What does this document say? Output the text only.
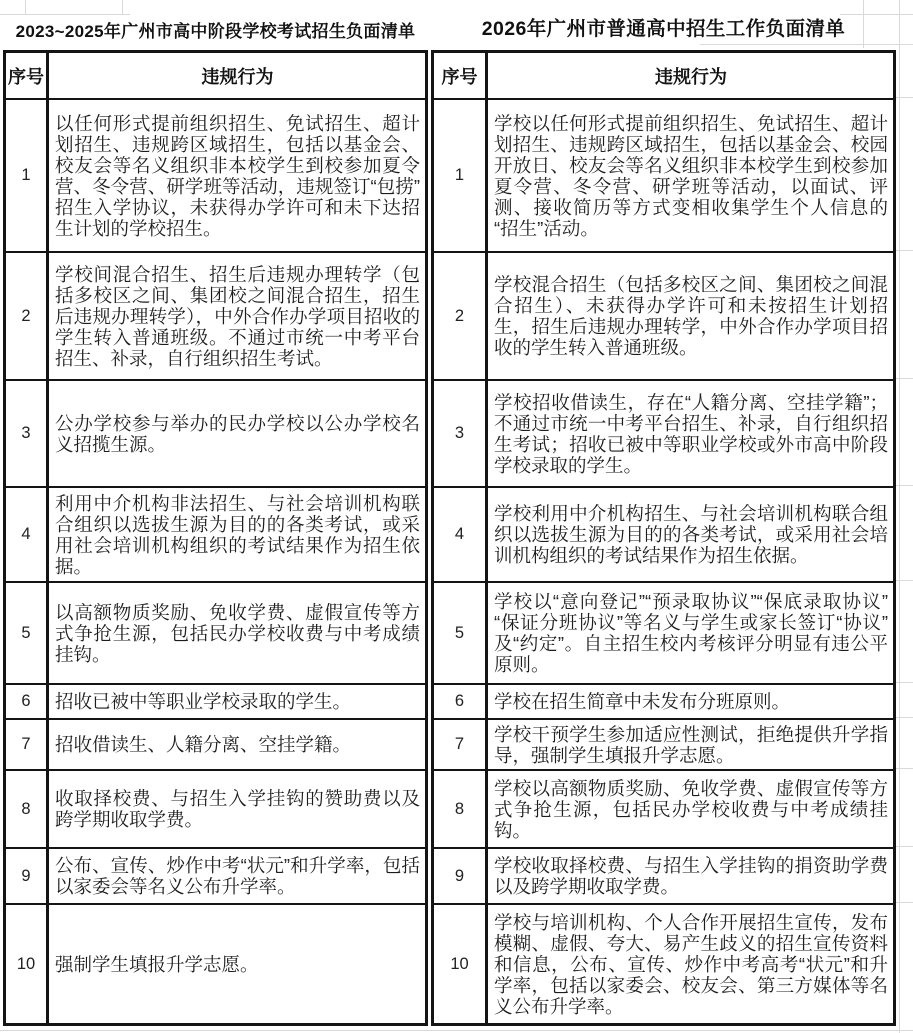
2023~2025年广州市高中阶段学校考试招生负面清单	2026年广州市普通高中招生工作负面清单
序号	违规行为
1
以任何形式提前组织招生、免试招生、超计划招生、违规跨区域招生，包括以基金会、校友会等名义组织非本校学生到校参加夏令营、冬令营、研学班等活动，违规签订“包捞”招生入学协议，未获得办学许可和未下达招生计划的学校招生。
2
学校间混合招生、招生后违规办理转学（包括多校区之间、集团校之间混合招生，招生后违规办理转学），中外合作办学项目招收的学生转入普通班级。不通过市统一中考平台招生、补录，自行组织招生考试。
3	公办学校参与举办的民办学校以公办学校名义招揽生源。
4
利用中介机构非法招生、与社会培训机构联合组织以选拔生源为目的的各类考试，或采用社会培训机构组织的考试结果作为招生依据。
5
以高额物质奖励、免收学费、虚假宣传等方式争抢生源，包括民办学校收费与中考成绩挂钩。
6	招收已被中等职业学校录取的学生。
7	招收借读生、人籍分离、空挂学籍。
8	收取择校费、与招生入学挂钩的赞助费以及跨学期收取学费。
9	公布、宣传、炒作中考“状元”和升学率，包括以家委会等名义公布升学率。
10	强制学生填报升学志愿。
序号	违规行为
1
学校以任何形式提前组织招生、免试招生、超计划招生、违规跨区域招生，包括以基金会、校园开放日、校友会等名义组织非本校学生到校参加夏令营、冬令营、研学班等活动，以面试、评测、接收简历等方式变相收集学生个人信息的“招生”活动。
2
学校混合招生（包括多校区之间、集团校之间混合招生）、未获得办学许可和未按招生计划招生，招生后违规办理转学，中外合作办学项目招收的学生转入普通班级。
3
学校招收借读生，存在“人籍分离、空挂学籍”；不通过市统一中考平台招生、补录，自行组织招生考试；招收已被中等职业学校或外市高中阶段学校录取的学生。
4
学校利用中介机构招生、与社会培训机构联合组织以选拔生源为目的的各类考试，或采用社会培训机构组织的考试结果作为招生依据。
5
学校以“意向登记”“预录取协议”“保底录取协议”“保证分班协议”等名义与学生或家长签订“协议”及“约定”。自主招生校内考核评分明显有违公平原则。
6	学校在招生简章中未发布分班原则。
7	学校干预学生参加适应性测试，拒绝提供升学指导，强制学生填报升学志愿。
8
学校以高额物质奖励、免收学费、虚假宣传等方式争抢生源，包括民办学校收费与中考成绩挂钩。
9	学校收取择校费、与招生入学挂钩的捐资助学费以及跨学期收取学费。
10
学校与培训机构、个人合作开展招生宣传，发布模糊、虚假、夸大、易产生歧义的招生宣传资料和信息，公布、宣传、炒作中考高考“状元”和升学率，包括以家委会、校友会、第三方媒体等名义公布升学率。
